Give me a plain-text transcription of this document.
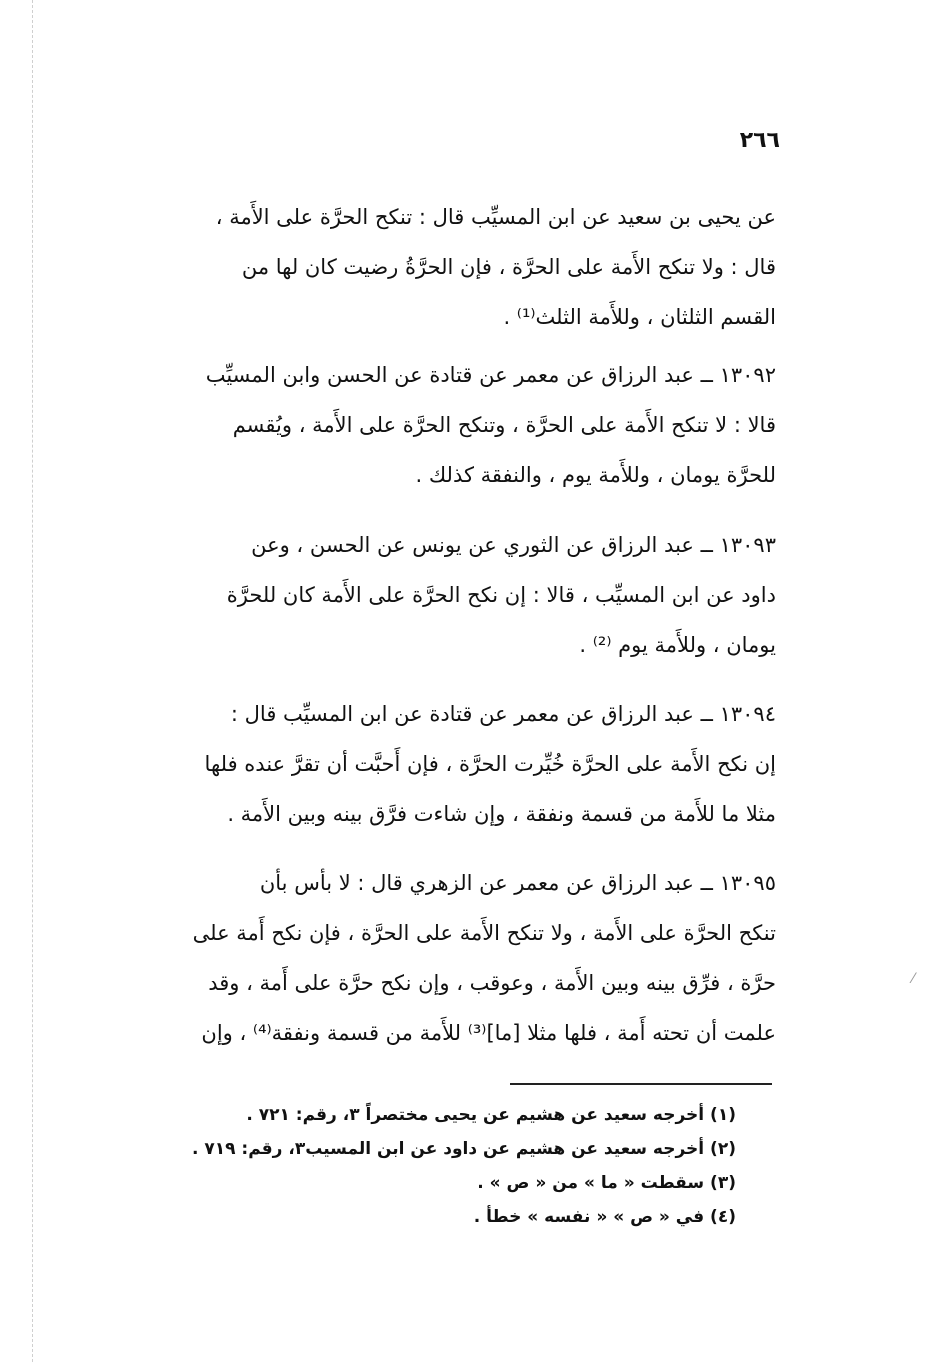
⁄
٢٦٦
عن يحيى بن سعيد عن ابن المسيِّب قال : تنكح الحرَّة على الأَمة ،
قال : ولا تنكح الأَمة على الحرَّة ، فإن الحرَّةُ رضيت كان لها من
القسم الثلثان ، وللأَمة الثلث⁽¹⁾ .
١٣٠٩٢ ــ عبد الرزاق عن معمر عن قتادة عن الحسن وابن المسيِّب
قالا : لا تنكح الأَمة على الحرَّة ، وتنكح الحرَّة على الأَمة ، ويُقسم
للحرَّة يومان ، وللأَمة يوم ، والنفقة كذلك .
١٣٠٩٣ ــ عبد الرزاق عن الثوري عن يونس عن الحسن ، وعن
داود عن ابن المسيِّب ، قالا : إن نكح الحرَّة على الأَمة كان للحرَّة
يومان ، وللأَمة يوم ⁽²⁾ .
١٣٠٩٤ ــ عبد الرزاق عن معمر عن قتادة عن ابن المسيِّب قال :
إن نكح الأَمة على الحرَّة خُيِّرت الحرَّة ، فإن أَحبَّت أن تقرَّ عنده فلها
مثلا ما للأَمة من قسمة ونفقة ، وإن شاءت فرَّق بينه وبين الأَمة .
١٣٠٩٥ ــ عبد الرزاق عن معمر عن الزهري قال : لا بأس بأن
تنكح الحرَّة على الأَمة ، ولا تنكح الأَمة على الحرَّة ، فإن نكح أَمة على
حرَّة ، فرِّق بينه وبين الأَمة ، وعوقب ، وإن نكح حرَّة على أَمة ، وقد
علمت أن تحته أَمة ، فلها مثلا [ما]⁽³⁾ للأَمة من قسمة ونفقة⁽⁴⁾ ، وإن
(١) أخرجه سعيد عن هشيم عن يحيى مختصراً ٣، رقم: ٧٢١ .
(٢) أخرجه سعيد عن هشيم عن داود عن ابن المسيب٣، رقم: ٧١٩ .
(٣) سقطت « ما » من « ص » .
(٤) في « ص » « نفسه » خطأ .
